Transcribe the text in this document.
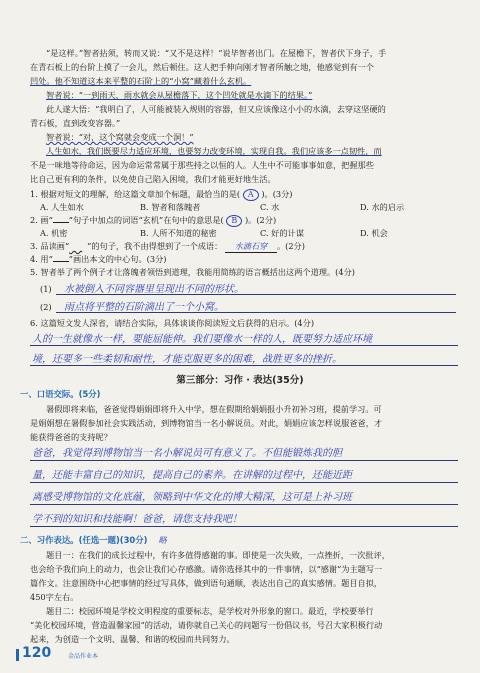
“是这样。”智者拈须，转而又说：“又不是这样！”说毕智者出门。在屋檐下，智者伏下身子，手
在青石板上的台阶上摸了一会儿，然后顿住。这人把手伸向刚才智者所触之地，他感觉到有一个
凹处。他不知道这本来平整的石阶上的“小窝”藏着什么玄机。
智者说：“一到雨天，雨水就会从屋檐落下，这个凹处就是水滴下的结果。”
此人遂大悟：“我明白了，人可能被装入规则的容器，但又应该像这小小的水滴，去穿这坚硬的
青石板，直到改变容器。”
智者说：“对，这个窝就会变成一个洞！”
人生如水，我们既要尽力适应环境，也要努力改变环境，实现自我。我们应该多一点韧性，而
不是一味地等待命运，因为命运常常属于那些持之以恒的人。人生中不可能事事如意，把握那些
比自己更有利的条件，以免使自己陷入困境，我们才能更好地生活。
1. 根据对短文的理解，给这篇文章加个标题，最恰当的是( A )。(3分)
A. 人生如水	B. 智者和落魄者	C. 水	D. 水的启示
2. 画“ ”句子中加点的词语“玄机”在句中的意思是( B )。(2分)
A. 机密	B. 人所不知道的秘密	C. 好的计谋	D. 机会
3. 品读画“ ”的句子，我不由得想到了一个成语： 水滴石穿 。(2分)
4. 用“ ”画出本文的中心句。(3分)
5. 智者举了两个例子才让落魄者领悟到道理，我能用简练的语言概括出这两个道理。(4分)
(1) 水被倒入不同容器里呈现出不同的形状。
(2) 雨点将平整的石阶滴出了一个小窝。
6. 这篇短文发人深省，请结合实际，具体谈谈你阅读短文后获得的启示。(4分)
人的一生就像水一样，要能屈能伸。我们要像水一样的人，既要努力适应环境
境，还要多一些柔韧和耐性，才能克服更多的困难，战胜更多的挫折。
第三部分：习作 · 表达(35分)
一、口语交际。(5分)
暑假即将来临，爸爸觉得娟娟即将升入中学，想在假期给娟娟报小升初补习班，提前学习。可
是娟娟想在暑假参加社会实践活动，到博物馆当一名小解说员。对此，娟娟应该怎样说服爸爸，才
能获得爸爸的支持呢？
爸爸，我觉得到博物馆当一名小解说员可有意义了。不但能锻炼我的胆
量，还能丰富自己的知识，提高自己的素养。在讲解的过程中，还能近距
离感受博物馆的文化底蕴，领略到中华文化的博大精深，这可是上补习班
学不到的知识和技能啊！爸爸，请您支持我吧！
二、习作表达。(任选一题)(30分) 略
题目一：在我们的成长过程中，有许多值得感谢的事。即使是一次失败，一点挫折，一次批评，
也会给予我们向上的动力，也会让我们心存感激。请你选择其中的一件事情，以“感谢”为主题写一
篇作文。注意围绕中心把事情的经过写具体，做到语句通顺，表达出自己的真实感情。题目自拟，
450字左右。
题目二：校园环境是学校文明程度的重要标志，是学校对外形象的窗口。最近，学校要举行
“美化校园环境，营造温馨家园”的活动，请你就自己关心的问题写一份倡议书，号召大家积极行动
起来，为创造一个文明、温馨、和谐的校园而共同努力。
120	金品作业本
